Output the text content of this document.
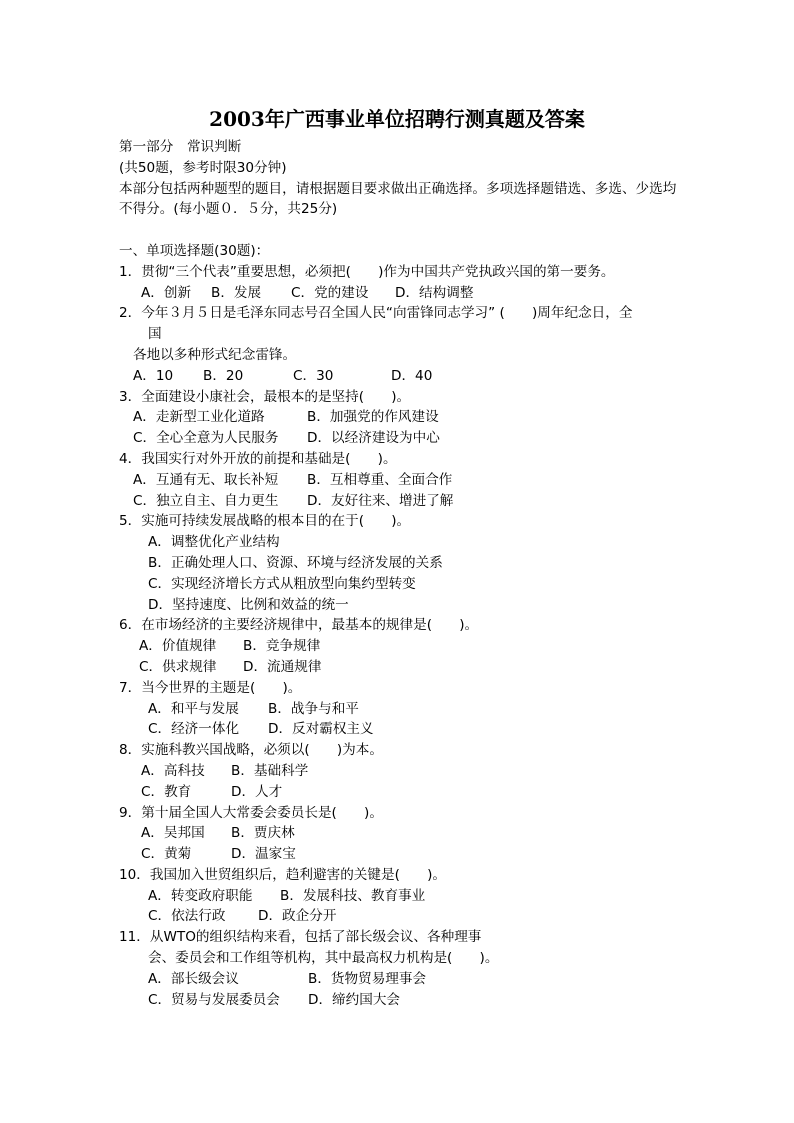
2003年广西事业单位招聘行测真题及答案
第一部分　常识判断
(共50题，参考时限30分钟)
本部分包括两种题型的题目，请根据题目要求做出正确选择。多项选择题错选、多选、少选均不得分。(每小题０．５分，共25分)
一、单项选择题(30题)：
1．贯彻“三个代表”重要思想，必须把(　　)作为中国共产党执政兴国的第一要务。
A．创新 B．发展 C．党的建设 D．结构调整
2．今年３月５日是毛泽东同志号召全国人民“向雷锋同志学习” (　　)周年纪念日，全
国
各地以多种形式纪念雷锋。
A．10 B．20	C．30	D．40
3．全面建设小康社会，最根本的是坚持(　　)。
A．走新型工业化道路	B．加强党的作风建设
C．全心全意为人民服务 D．以经济建设为中心
4．我国实行对外开放的前提和基础是(　　)。
A．互通有无、取长补短 B．互相尊重、全面合作
C．独立自主、自力更生 D．友好往来、增进了解
5．实施可持续发展战略的根本目的在于(　　)。
A．调整优化产业结构
B．正确处理人口、资源、环境与经济发展的关系
C．实现经济增长方式从粗放型向集约型转变
D．坚持速度、比例和效益的统一
6．在市场经济的主要经济规律中，最基本的规律是(　　)。
A．价值规律 B．竞争规律
C．供求规律 D．流通规律
7．当今世界的主题是(　　)。
A．和平与发展 B．战争与和平
C．经济一体化 D．反对霸权主义
8．实施科教兴国战略，必须以(　　)为本。
A．高科技 B．基础科学
C．教育	D．人才
9．第十届全国人大常委会委员长是(　　)。
A．吴邦国 B．贾庆林
C．黄菊	D．温家宝
10．我国加入世贸组织后，趋利避害的关键是(　　)。
A．转变政府职能 B．发展科技、教育事业
C．依法行政 D．政企分开
11．从WTO的组织结构来看，包括了部长级会议、各种理事
会、委员会和工作组等机构，其中最高权力机构是(　　)。
A．部长级会议	B．货物贸易理事会
C．贸易与发展委员会 D．缔约国大会
